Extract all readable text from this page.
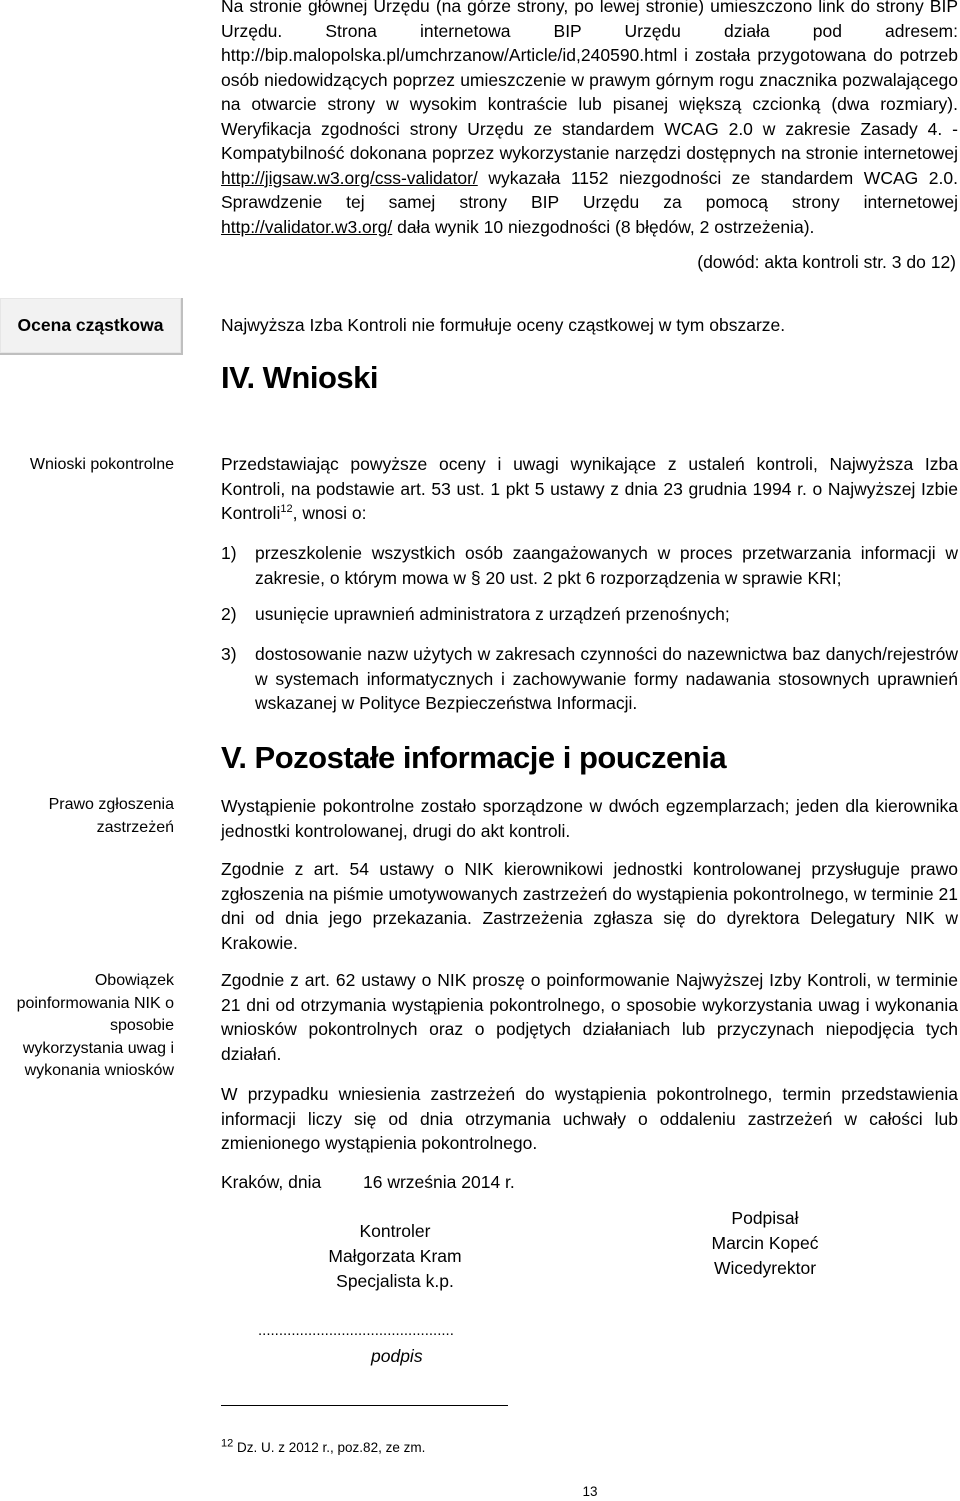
Na stronie głównej Urzędu (na górze strony, po lewej stronie) umieszczono link do strony BIP Urzędu. Strona internetowa BIP Urzędu działa pod adresem: http://bip.malopolska.pl/umchrzanow/Article/id,240590.html i została przygotowana do potrzeb osób niedowidzących poprzez umieszczenie w prawym górnym rogu znacznika pozwalającego na otwarcie strony w wysokim kontraście lub pisanej większą czcionką (dwa rozmiary). Weryfikacja zgodności strony Urzędu ze standardem WCAG 2.0 w zakresie Zasady 4. - Kompatybilność dokonana poprzez wykorzystanie narzędzi dostępnych na stronie internetowej http://jigsaw.w3.org/css-validator/ wykazała 1152 niezgodności ze standardem WCAG 2.0. Sprawdzenie tej samej strony BIP Urzędu za pomocą strony internetowej http://validator.w3.org/ dała wynik 10 niezgodności (8 błędów, 2 ostrzeżenia).

(dowód: akta kontroli str. 3 do 12)
Ocena cząstkowa	Najwyższa Izba Kontroli nie formułuje oceny cząstkowej w tym obszarze.
IV. Wnioski
Wnioski pokontrolne	Przedstawiając powyższe oceny i uwagi wynikające z ustaleń kontroli, Najwyższa Izba Kontroli, na podstawie art. 53 ust. 1 pkt 5 ustawy z dnia 23 grudnia 1994 r. o Najwyższej Izbie Kontroli$^{12}$, wnosi o:

1) przeszkolenie wszystkich osób zaangażowanych w proces przetwarzania informacji w zakresie, o którym mowa w § 20 ust. 2 pkt 6 rozporządzenia w sprawie KRI;
2) usunięcie uprawnień administratora z urządzeń przenośnych;
3) dostosowanie nazw użytych w zakresach czynności do nazewnictwa baz danych/rejestrów w systemach informatycznych i zachowywanie formy nadawania stosownych uprawnień wskazanej w Polityce Bezpieczeństwa Informacji.
V. Pozostałe informacje i pouczenia

Wystąpienie pokontrolne zostało sporządzone w dwóch egzemplarzach; jeden dla kierownika jednostki kontrolowanej, drugi do akt kontroli.

Prawo zgłoszenia zastrzeżeń

Zgodnie z art. 54 ustawy o NIK kierownikowi jednostki kontrolowanej przysługuje prawo zgłoszenia na piśmie umotywowanych zastrzeżeń do wystąpienia pokontrolnego, w terminie 21 dni od dnia jego przekazania. Zastrzeżenia zgłasza się do dyrektora Delegatury NIK w Krakowie.

Obowiązek poinformowania NIK o sposobie wykorzystania uwag i wykonania wniosków

Zgodnie z art. 62 ustawy o NIK proszę o poinformowanie Najwyższej Izby Kontroli, w terminie 21 dni od otrzymania wystąpienia pokontrolnego, o sposobie wykorzystania uwag i wykonania wniosków pokontrolnych oraz o podjętych działaniach lub przyczynach niepodjęcia tych działań.

W przypadku wniesienia zastrzeżeń do wystąpienia pokontrolnego, termin przedstawienia informacji liczy się od dnia otrzymania uchwały o oddaleniu zastrzeżeń w całości lub zmienionego wystąpienia pokontrolnego.

Kraków, dnia 16 września 2014 r.
Kontroler
Małgorzata Kram
Specjalista k.p.
Podpisał
Marcin Kopeć
Wicedyrektor
...............................................
podpis
$^{12}$ Dz. U. z 2012 r., poz.82, ze zm.
13
